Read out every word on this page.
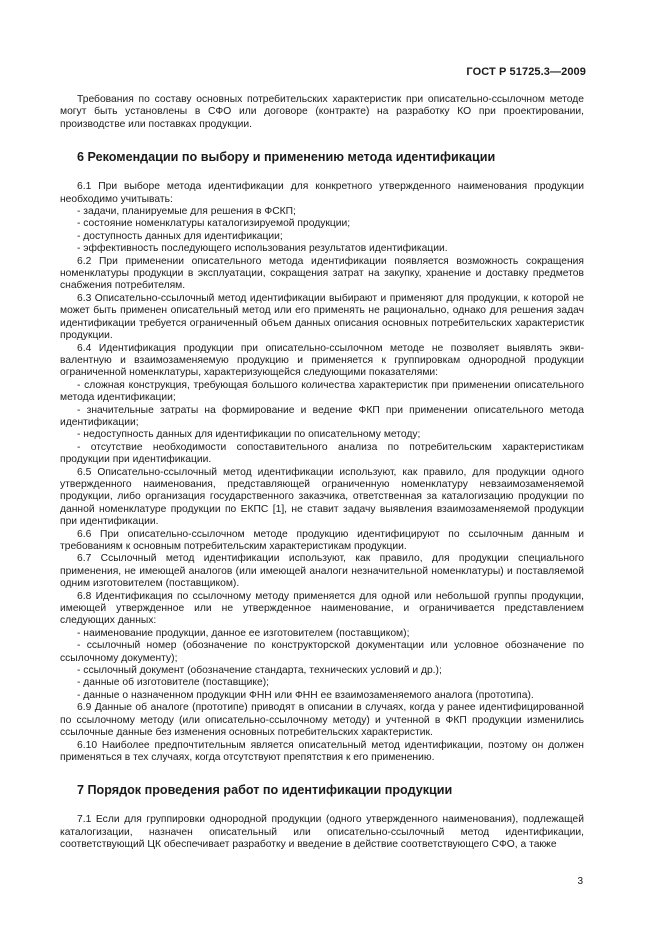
ГОСТ Р 51725.3—2009

Требования по составу основных потребительских характеристик при описательно-ссылочном методе могут быть установлены в СФО или договоре (контракте) на разработку КО при проектировании, производстве или поставках продукции.

6 Рекомендации по выбору и применению метода идентификации

6.1 При выборе метода идентификации для конкретного утвержденного наименования продукции необходимо учитывать:

- задачи, планируемые для решения в ФСКП;

- состояние номенклатуры каталогизируемой продукции;

- доступность данных для идентификации;

- эффективность последующего использования результатов идентификации.

6.2 При применении описательного метода идентификации появляется возможность сокращения номенклатуры продукции в эксплуатации, сокращения затрат на закупку, хранение и доставку предметов снабжения потребителям.

6.3 Описательно-ссылочный метод идентификации выбирают и применяют для продукции, к которой не может быть применен описательный метод или его применять не рационально, однако для решения задач идентификации требуется ограниченный объем данных описания основных потребительских характеристик продукции.

6.4 Идентификация продукции при описательно-ссылочном методе не позволяет выявлять эквивалентную и взаимозаменяемую продукцию и применяется к группировкам однородной продукции ограниченной номенклатуры, характеризующейся следующими показателями:

- сложная конструкция, требующая большого количества характеристик при применении описательного метода идентификации;

- значительные затраты на формирование и ведение ФКП при применении описательного метода идентификации;

- недоступность данных для идентификации по описательному методу;

- отсутствие необходимости сопоставительного анализа по потребительским характеристикам продукции при идентификации.

6.5 Описательно-ссылочный метод идентификации используют, как правило, для продукции одного утвержденного наименования, представляющей ограниченную номенклатуру невзаимозаменяемой продукции, либо организация государственного заказчика, ответственная за каталогизацию продукции по данной номенклатуре продукции по ЕКПС [1], не ставит задачу выявления взаимозаменяемой продукции при идентификации.

6.6 При описательно-ссылочном методе продукцию идентифицируют по ссылочным данным и требованиям к основным потребительским характеристикам продукции.

6.7 Ссылочный метод идентификации используют, как правило, для продукции специального применения, не имеющей аналогов (или имеющей аналоги незначительной номенклатуры) и поставляемой одним изготовителем (поставщиком).

6.8 Идентификация по ссылочному методу применяется для одной или небольшой группы продукции, имеющей утвержденное или не утвержденное наименование, и ограничивается представлением следующих данных:

- наименование продукции, данное ее изготовителем (поставщиком);

- ссылочный номер (обозначение по конструкторской документации или условное обозначение по ссылочному документу);

- ссылочный документ (обозначение стандарта, технических условий и др.);

- данные об изготовителе (поставщике);

- данные о назначенном продукции ФНН или ФНН ее взаимозаменяемого аналога (прототипа).

6.9 Данные об аналоге (прототипе) приводят в описании в случаях, когда у ранее идентифицированной по ссылочному методу (или описательно-ссылочному методу) и учтенной в ФКП продукции изменились ссылочные данные без изменения основных потребительских характеристик.

6.10 Наиболее предпочтительным является описательный метод идентификации, поэтому он должен применяться в тех случаях, когда отсутствуют препятствия к его применению.

7 Порядок проведения работ по идентификации продукции

7.1 Если для группировки однородной продукции (одного утвержденного наименования), подлежащей каталогизации, назначен описательный или описательно-ссылочный метод идентификации, соответствующий ЦК обеспечивает разработку и введение в действие соответствующего СФО, а также

3
